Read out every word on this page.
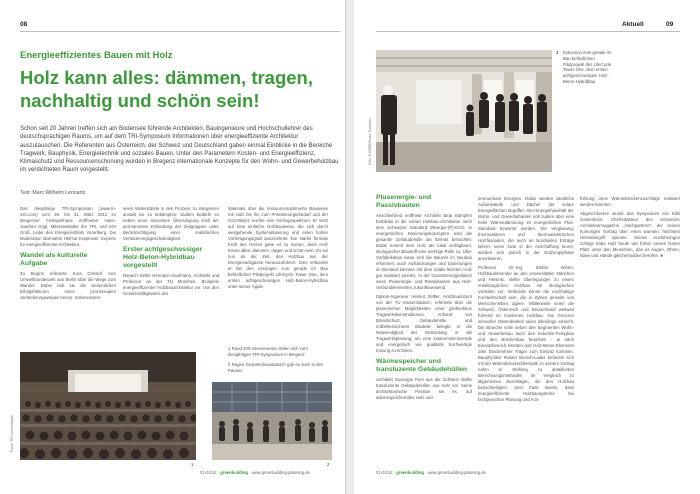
08
Energieeffizientes Bauen mit Holz
Holz kann alles: dämmen, tragen, nachhaltig und schön sein!
Schon seit 20 Jahren treffen sich am Bodensee führende Architekten, Bauingenieure und Hochschullehrer des deutschsprachigen Raums, um auf dem TRI-Symposium Informationen über energieeffiziente Architektur auszutauschen. Die Referenten aus Österreich, der Schweiz und Deutschland gaben einmal Einblicke in die Bereiche Tragwerk, Bauphysik, Energietechnik und soziales Bauen. Unter den Parametern Kosten- und Energieeffizienz, Klimaschutz und Ressourcenschonung wurden in Bregenz internationale Konzepte für den Wohn- und Gewerbeholzbau im verdichteten Raum vorgestellt.
Text: Marc Wilhelm Lennartz

Das diesjährige TRI-Symposium (www.tri-info.com) vom 29. bis 31. März 2012 im Bregenzer Festspielhaus eröffneten Hans-Joachim Gögl, Mitveranstalter der TRI, und AGI Groß, Leiter des Energieinstituts Vorarlberg. Die Moderation übernahm Helmut Krapmeier, Experte für energieeffiziente Architektur.

Wandel als kulturelle Aufgabe

Zu Beginn referierte Kora Christof vom Umweltbundesamt aus Berlin über die Wege zum Wandel. Dabei hob sie die wesentlichen Erfolgsfaktoren eines prozessualen Veränderungsweges hervor. Insbesondere

seien Widerstände in den Prozess zu integrieren anstatt sie zu bekämpfen. Zudem bedürfe es neben einer ansonsten Übereinigung kraft der permanenten Einbindung der Zielgruppen unter Berücksichtigung einer realistischen Veränderungsgeschwindigkeit.

Erster achtgeschossiger Holz-Beton-Hybridbau vorgestellt

Danach stellte Hermann Kaufmann, Architekt und Professor an der TU München, Beispiele energieeffizienter Holzbauarchitektur vor. Von den Gesetzmäßigkeiten des

Materials über die ressourcenoptimierte Bauweise mit Holz bis hin zum Primärenergiebedarf und der CO2-Bilanz reichte sein Vortragsspektrum. Er setzt auf eine einfache Holzbauweise, die sich durch weitgehende Systematisierung und einen hohen Vorfertigungsgrad auszeichnet. Die starke formale Kraft des Holzes gebe es zu nutzen, denn Holz könne alles: dämmen, tragen und schön sein. Es sei nun an der Zeit, den Holzbau aus der Energiesackgasse herauszuführen. Dies erläuterte er bei den Lösungen zum gerade im Bau befindlichen Pilotprojekt LifeCycle Tower One, dem ersten achtgeschossigen Holz-Beton-Hybridbau unter seiner Ägide.

1
1 Rund 200 Interessenten trafen sich zum diesjährigen TRI-Symposium in Bregenz
2 Regen Gesprächsaustausch gab es auch in den Pausen
2
Fotos: TRI Lichtenberger
01-04/12 · greenbuilding · www.greenbuilding-planning.de
Aktuell	09
3 Exkursion zum gerade im Bau befindlichen Pilotprojekt des LifeCycle Tower One, dem ersten achtgeschossigen Holz-Beton-Hybridbau
Foto: © CREE/Darko Todorovic
Plusenergie- und Passivbauten

Anschließend eröffnete Architekt Beat Kämpfen Einblicke in die sofaro Holzbau-Architektur nach dem Schweizer Standard Minergie-(P)-ECO. In energetischen Sanierungskonzepten wird die gesamte Gebäudehülle als Einheit betrachtet. Dabei kommt dem Holz als lokal verfügbarer, ökologischer Baustoff eine wichtige Rolle zu. Über Vorfabrikation lasse sich die Bauzeit im Neubau erkennen, auch Aufstockungen und Sanierungen im Bestand könnten mit dem relativ leichten Holz gut realisiert werden. In der Gesamtenergiebilanz seien Plusenergie- und Passivbauten aus Holz-Verbundelementen zukunftsweisend.

Diplom-Ingenieur Helmut Zettler, Holzbaudozent von der TU Kaiserslautern, referierte über die planerischen Möglichkeiten einer gleitfunktion Tragwerkskonstruktionen. Anhand von Brandschutz, Gebäudehülle und erdbebensicherer Bauteile belegte er die Notwendigkeit der Einbindung in die Tragwerksplanung, um eine kostenminimierende und energetisch wie qualitativ hochwertige Lösung zu erzielen.

Wärmespeicher und transluzente Gebäudehüllen

Architekt Guiseppe Fent aus der Schweiz stellte transluzente Gebäudehüllen aus Holz vor. Seine architektonische Position sei es, auf wärmespeicherndes Holz und

erneuerbare Energien. Dabei werden sämtliche Außenwände und Dächer als solare Energieflächen begriffen. Der Energiehaushalt der Wohn- und Gewerbebauten soll zudem über eine hohe Wärmedämmung im energetischen Plus-Standard bewertet werden. Die Verglasung, thermoaktiven und thermoelektrischen Holzfassaden, die auch an Nordseiten Erträge liefern, seien zwar in der Anschaffung teurer, würden sich jedoch in der Nutzungsphase amortisieren.

Professor Dr.-Ing. Stefan Winter, Holzbaulehrender an den Universitäten München und Helsinki, stellte Überlegungen zu einem enkeltauglichen Holzbau mit ökologischen Vorteilen vor. Verbünde könne die nachhaltige Forstwirtschaft sein, die in Zyklen jenseits von Menschenleben agiere. Mittlerweile seien die Schweiz, Österreich und Deutschland weltweit führend im modernen Holzbau. Die Grenzen sinnvoller Dämmbarkeit seien allerdings erreicht. Die Branche solle neben den Segmenten Wohn- und Gewerbebau auch den Industrie-Fertigbau und den Brückenbau beachten - je nach Einsatzbereich könnten dort Holz-Beton-Elemente oder Blockenfreie Träger zum Einsatz kommen. Bauphysiker Robert Borsch-Laaks befasste sich mit der Wärmebrückenthematik. In seinem Vortrag nahm er Stellung zu detaillierten Berechnungsmethoden im Vergleich zu allgemeinen Zuschlägen, die den Holzbau benachteiligten. Sein Fazit lautete, dass energieeffiziente Holzbausysteme bei fachgerechter Planung und Aus-

führung ohne Wärmebrückenzuschläge realisiert werden könnten.

Abgeschlossen wurde das Symposium von Kiibi Gantenbein, Chefredakteur des Schweizer Architekturmagazins „Hochparterre“, der seinen humorigen Vortrag über einen warmen, höchsten Heimatbegriff spannte. Seinen Ausführungen zufolge habe Holz heute wie früher seinen festen Platz unter den Menschen, das es Augen, Ohren, Nase und Hände gleichermaßen berühre. ■

01-04/12 · greenbuilding · www.greenbuilding-planning.de
